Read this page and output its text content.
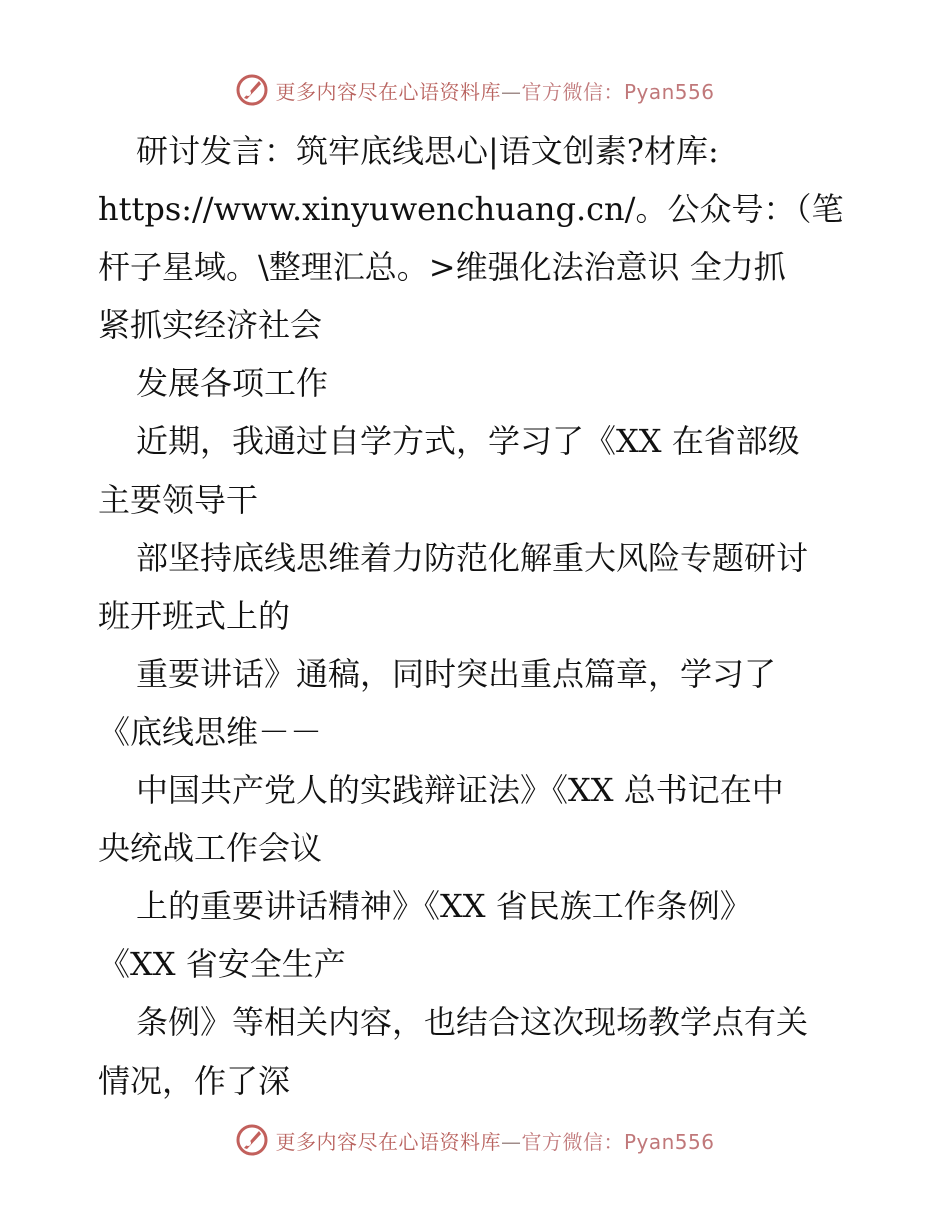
更多内容尽在心语资料库—官方微信：Pyan556
研讨发言：筑牢底线思心|语文创素?材库:
https://www.xinyuwenchuang.cn/。公众号：（笔
杆子星域。\整理汇总。>维强化法治意识 全力抓
紧抓实经济社会
发展各项工作
近期，我通过自学方式，学习了《XX 在省部级
主要领导干
部坚持底线思维着力防范化解重大风险专题研讨
班开班式上的
重要讲话》通稿，同时突出重点篇章，学习了
《底线思维－－
中国共产党人的实践辩证法》《XX 总书记在中
央统战工作会议
上的重要讲话精神》《XX 省民族工作条例》
《XX 省安全生产
条例》等相关内容，也结合这次现场教学点有关
情况，作了深
更多内容尽在心语资料库—官方微信：Pyan556
